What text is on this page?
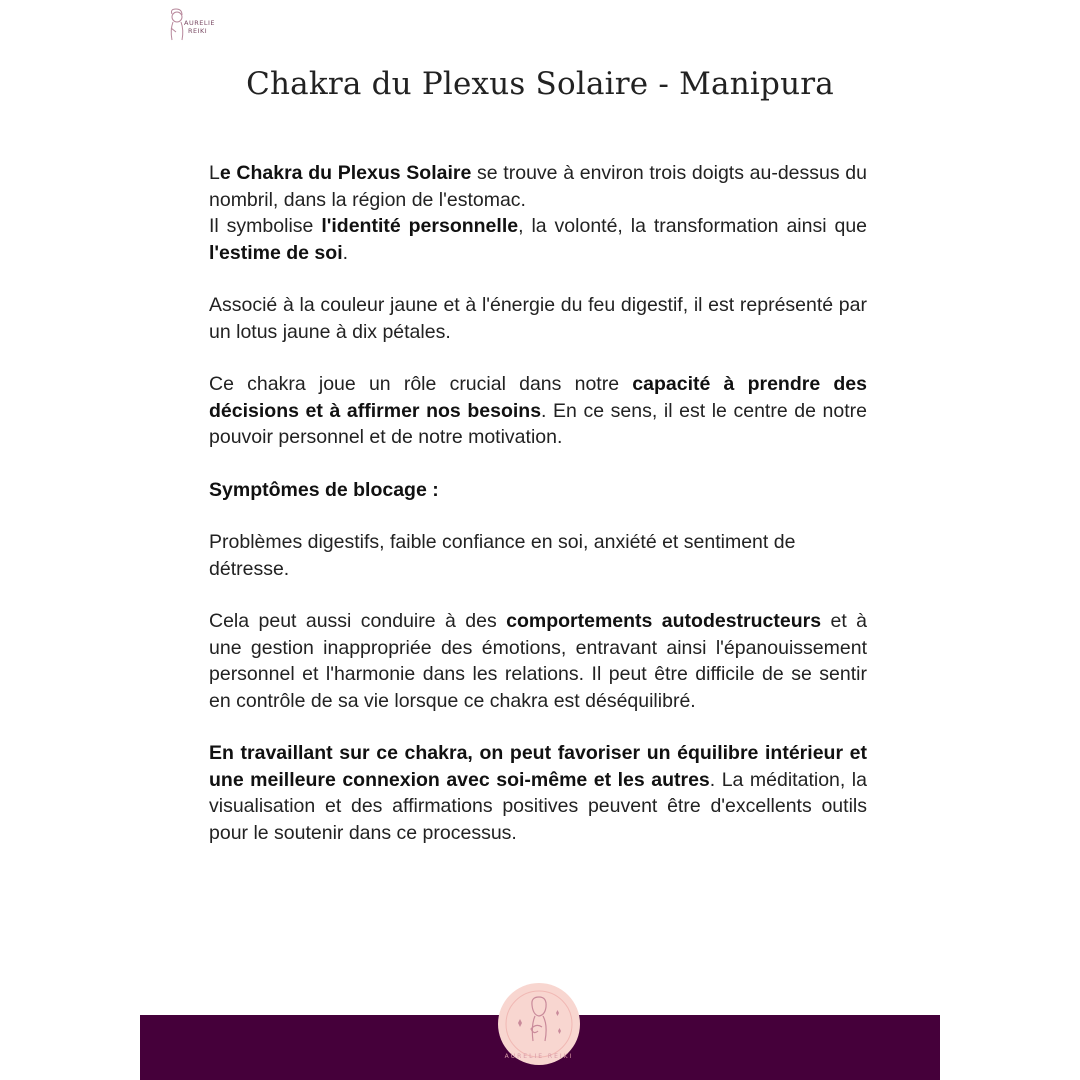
AURELIE
REIKI
Chakra du Plexus Solaire - Manipura

Le Chakra du Plexus Solaire se trouve à environ trois doigts au-dessus du nombril, dans la région de l'estomac.
Il symbolise l'identité personnelle, la volonté, la transformation ainsi que l'estime de soi.

Associé à la couleur jaune et à l'énergie du feu digestif, il est représenté par un lotus jaune à dix pétales.

Ce chakra joue un rôle crucial dans notre capacité à prendre des décisions et à affirmer nos besoins. En ce sens, il est le centre de notre pouvoir personnel et de notre motivation.

Symptômes de blocage :

Problèmes digestifs, faible confiance en soi, anxiété et sentiment de détresse.

Cela peut aussi conduire à des comportements autodestructeurs et à une gestion inappropriée des émotions, entravant ainsi l'épanouissement personnel et l'harmonie dans les relations. Il peut être difficile de se sentir en contrôle de sa vie lorsque ce chakra est déséquilibré.

En travaillant sur ce chakra, on peut favoriser un équilibre intérieur et une meilleure connexion avec soi-même et les autres. La méditation, la visualisation et des affirmations positives peuvent être d'excellents outils pour le soutenir dans ce processus.

AURELIE REIKI
